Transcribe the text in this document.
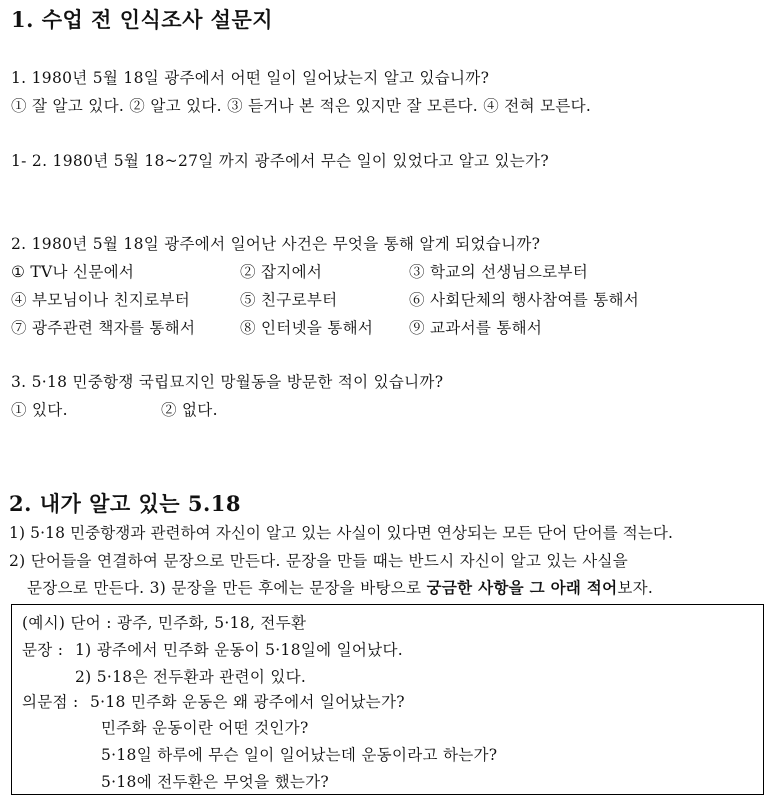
1. 수업 전 인식조사 설문지
1. 1980년 5월 18일 광주에서 어떤 일이 일어났는지 알고 있습니까?
① 잘 알고 있다. ② 알고 있다. ③ 듣거나 본 적은 있지만 잘 모른다. ④ 전혀 모른다.
1- 2. 1980년 5월 18~27일 까지 광주에서 무슨 일이 있었다고 알고 있는가?
2. 1980년 5월 18일 광주에서 일어난 사건은 무엇을 통해 알게 되었습니까?
① TV나 신문에서	② 잡지에서	③ 학교의 선생님으로부터
④ 부모님이나 친지로부터	⑤ 친구로부터	⑥ 사회단체의 행사참여를 통해서
⑦ 광주관련 책자를 통해서	⑧ 인터넷을 통해서 ⑨ 교과서를 통해서
3. 5·18 민중항쟁 국립묘지인 망월동을 방문한 적이 있습니까?
① 있다.	② 없다.
2. 내가 알고 있는 5.18
1) 5·18 민중항쟁과 관련하여 자신이 알고 있는 사실이 있다면 연상되는 모든 단어 단어를 적는다.
2) 단어들을 연결하여 문장으로 만든다. 문장을 만들 때는 반드시 자신이 알고 있는 사실을
문장으로 만든다. 3) 문장을 만든 후에는 문장을 바탕으로 궁금한 사항을 그 아래 적어보자.
(예시) 단어 : 광주, 민주화, 5·18, 전두환
문장 : 1) 광주에서 민주화 운동이 5·18일에 일어났다.
2) 5·18은 전두환과 관련이 있다.
의문점 : 5·18 민주화 운동은 왜 광주에서 일어났는가?
민주화 운동이란 어떤 것인가?
5·18일 하루에 무슨 일이 일어났는데 운동이라고 하는가?
5·18에 전두환은 무엇을 했는가?
